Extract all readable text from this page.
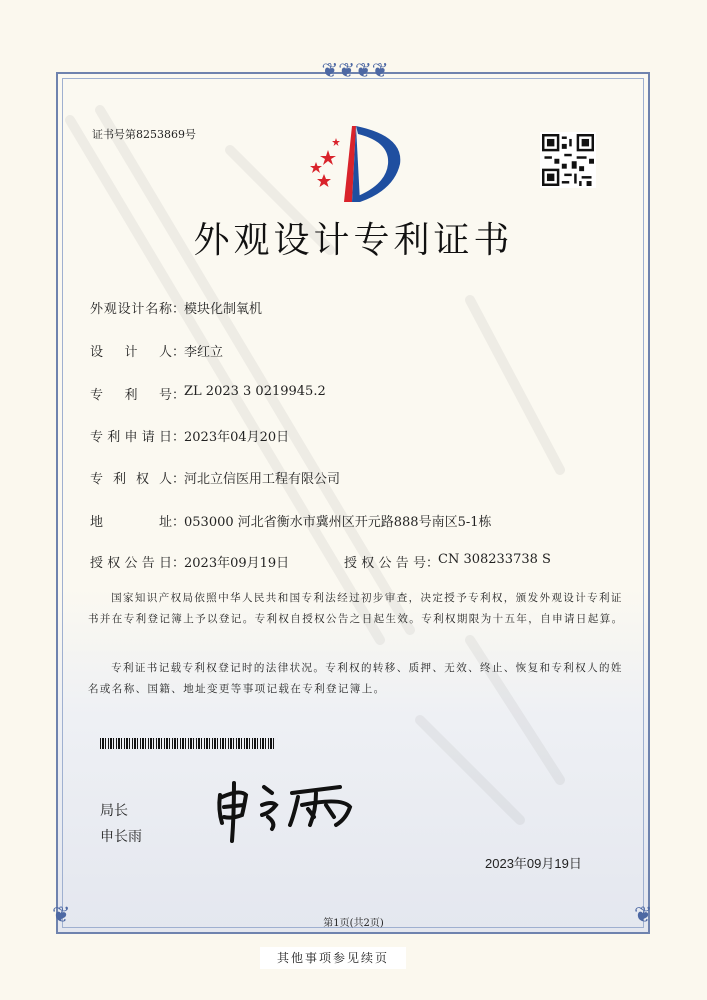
❦❦❦❦
❦	❦
证书号第8253869号
外观设计专利证书
外观设计名称 ：
模块化制氧机
设计人 ：
李红立
专利号 ：
ZL 2023 3 0219945.2
专利申请日 ：
2023年04月20日
专利权人 ：
河北立信医用工程有限公司
地址 ：
053000 河北省衡水市冀州区开元路888号南区5-1栋
授权公告日 ：
2023年09月19日	授权公告号 ：
CN 308233738 S
国家知识产权局依照中华人民共和国专利法经过初步审查，决定授予专利权，颁发外观设计专利证书并在专利登记簿上予以登记。专利权自授权公告之日起生效。专利权期限为十五年，自申请日起算。
专利证书记载专利权登记时的法律状况。专利权的转移、质押、无效、终止、恢复和专利权人的姓名或名称、国籍、地址变更等事项记载在专利登记簿上。
局长
申长雨
2023年09月19日
第1页(共2页)
其他事项参见续页
